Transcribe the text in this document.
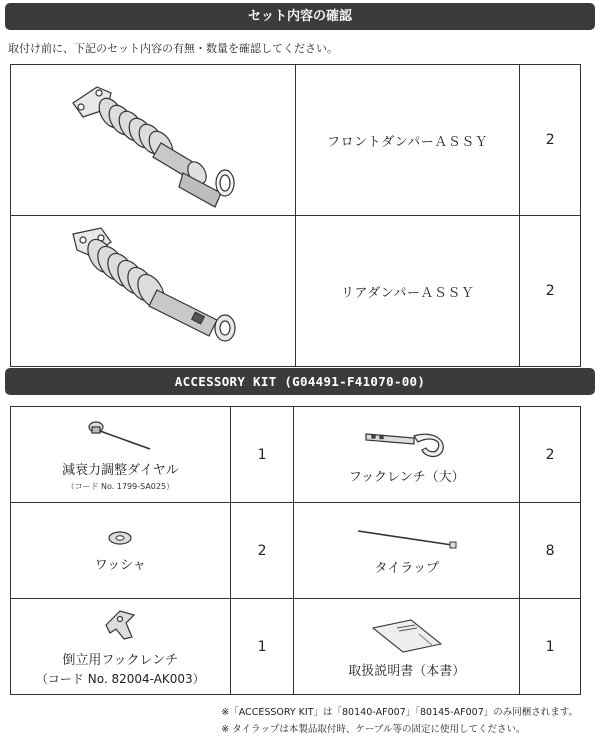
セット内容の確認
取付け前に、下記のセット内容の有無・数量を確認してください。
	フロントダンパーＡＳＳＹ	2
	リアダンパーＡＳＳＹ	2
ACCESSORY KIT (G04491-F41070-00)
減衰力調整ダイヤル
（コード No. 1799-SA025）	1	フックレンチ（大）	2

ワッシャ	2	タイラップ	8

倒立用フックレンチ
（コード No. 82004-AK003）	1	取扱説明書（本書）	1
※「ACCESSORY KIT」は「80140-AF007」「80145-AF007」のみ同梱されます。
※ タイラップは本製品取付時、ケーブル等の固定に使用してください。
